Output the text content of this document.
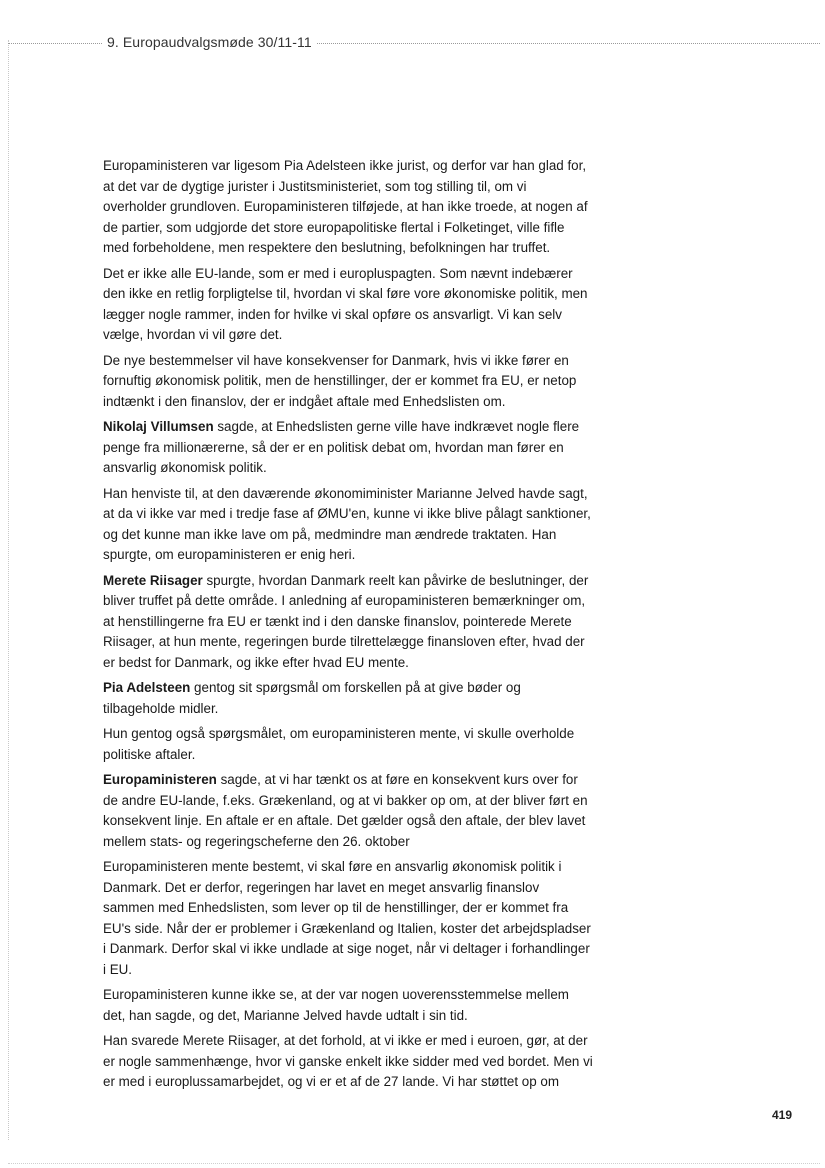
9. Europaudvalgsmøde 30/11-11

Europaministeren var ligesom Pia Adelsteen ikke jurist, og derfor var han glad for, at det var de dygtige jurister i Justitsministeriet, som tog stilling til, om vi overholder grundloven. Europaministeren tilføjede, at han ikke troede, at nogen af de partier, som udgjorde det store europapolitiske flertal i Folketinget, ville fifle med forbeholdene, men respektere den beslutning, befolkningen har truffet.

Det er ikke alle EU-lande, som er med i europluspagten. Som nævnt indebærer den ikke en retlig forpligtelse til, hvordan vi skal føre vore økonomiske politik, men lægger nogle rammer, inden for hvilke vi skal opføre os ansvarligt. Vi kan selv vælge, hvordan vi vil gøre det.

De nye bestemmelser vil have konsekvenser for Danmark, hvis vi ikke fører en fornuftig økonomisk politik, men de henstillinger, der er kommet fra EU, er netop indtænkt i den finanslov, der er indgået aftale med Enhedslisten om.

Nikolaj Villumsen sagde, at Enhedslisten gerne ville have indkrævet nogle flere penge fra millionærerne, så der er en politisk debat om, hvordan man fører en ansvarlig økonomisk politik.

Han henviste til, at den daværende økonomiminister Marianne Jelved havde sagt, at da vi ikke var med i tredje fase af ØMU'en, kunne vi ikke blive pålagt sanktioner, og det kunne man ikke lave om på, medmindre man ændrede traktaten. Han spurgte, om europaministeren er enig heri.

Merete Riisager spurgte, hvordan Danmark reelt kan påvirke de beslutninger, der bliver truffet på dette område. I anledning af europaministeren bemærkninger om, at henstillingerne fra EU er tænkt ind i den danske finanslov, pointerede Merete Riisager, at hun mente, regeringen burde tilrettelægge finansloven efter, hvad der er bedst for Danmark, og ikke efter hvad EU mente.

Pia Adelsteen gentog sit spørgsmål om forskellen på at give bøder og tilbageholde midler.

Hun gentog også spørgsmålet, om europaministeren mente, vi skulle overholde politiske aftaler.

Europaministeren sagde, at vi har tænkt os at føre en konsekvent kurs over for de andre EU-lande, f.eks. Grækenland, og at vi bakker op om, at der bliver ført en konsekvent linje. En aftale er en aftale. Det gælder også den aftale, der blev lavet mellem stats- og regeringscheferne den 26. oktober

Europaministeren mente bestemt, vi skal føre en ansvarlig økonomisk politik i Danmark. Det er derfor, regeringen har lavet en meget ansvarlig finanslov sammen med Enhedslisten, som lever op til de henstillinger, der er kommet fra EU's side. Når der er problemer i Grækenland og Italien, koster det arbejdspladser i Danmark. Derfor skal vi ikke undlade at sige noget, når vi deltager i forhandlinger i EU.

Europaministeren kunne ikke se, at der var nogen uoverensstemmelse mellem det, han sagde, og det, Marianne Jelved havde udtalt i sin tid.

Han svarede Merete Riisager, at det forhold, at vi ikke er med i euroen, gør, at der er nogle sammenhænge, hvor vi ganske enkelt ikke sidder med ved bordet. Men vi er med i europlussamarbejdet, og vi er et af de 27 lande. Vi har støttet op om

419
